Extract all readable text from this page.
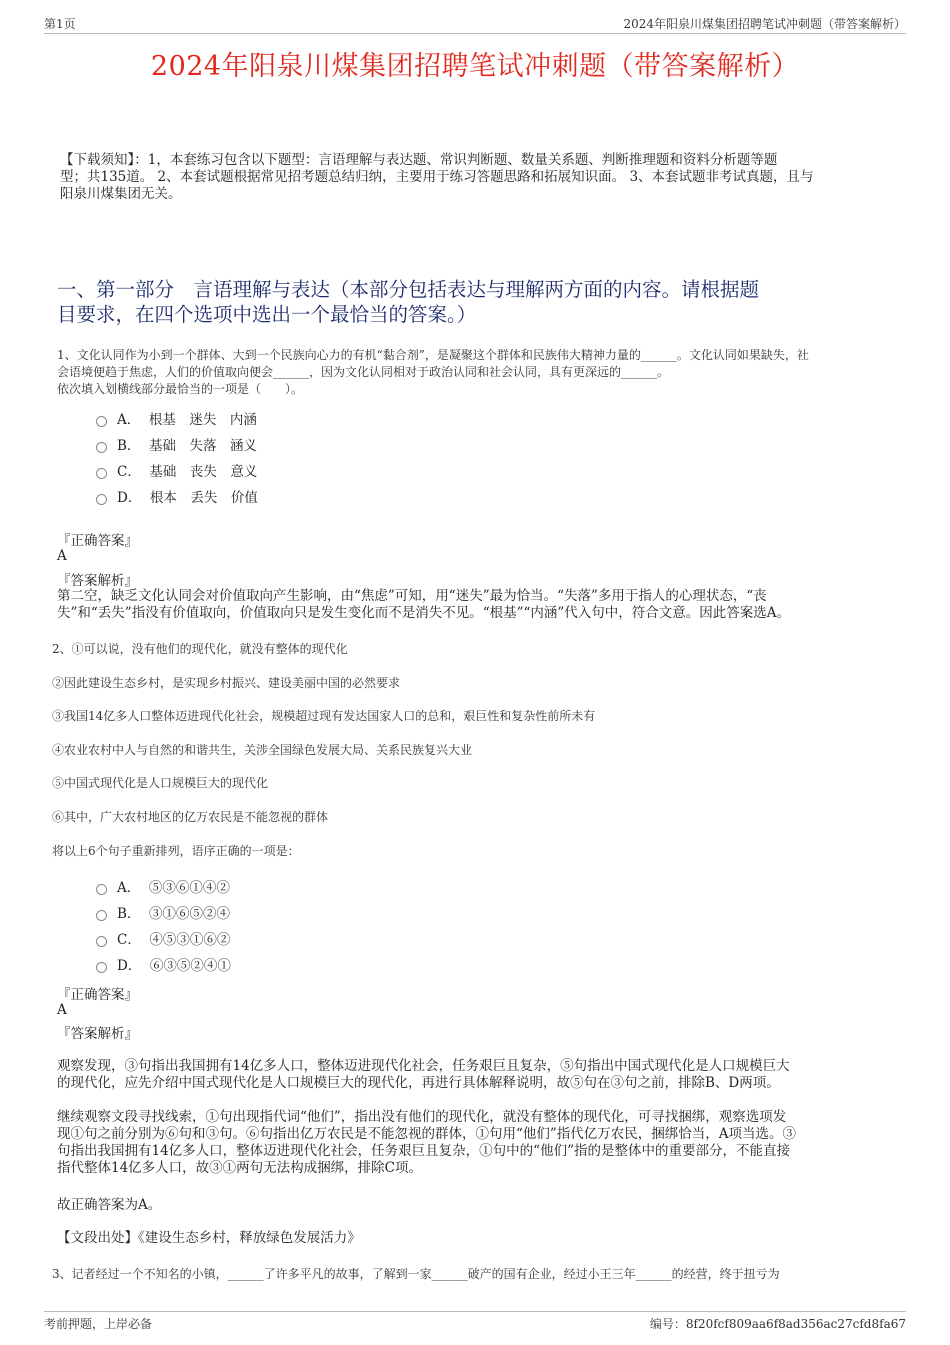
第1页	2024年阳泉川煤集团招聘笔试冲刺题（带答案解析）
2024年阳泉川煤集团招聘笔试冲刺题（带答案解析）
【下载须知】：1，本套练习包含以下题型：言语理解与表达题、常识判断题、数量关系题、判断推理题和资料分析题等题
型；共135道。 2、本套试题根据常见招考题总结归纳，主要用于练习答题思路和拓展知识面。 3、本套试题非考试真题，且与
阳泉川煤集团无关。
一、第一部分　言语理解与表达（本部分包括表达与理解两方面的内容。请根据题
目要求，在四个选项中选出一个最恰当的答案。）
1、文化认同作为小到一个群体、大到一个民族向心力的有机“黏合剂”，是凝聚这个群体和民族伟大精神力量的______。文化认同如果缺失，社
会语境便趋于焦虑，人们的价值取向便会______，因为文化认同相对于政治认同和社会认同，具有更深远的______。
依次填入划横线部分最恰当的一项是（　　）。
A．  根基　迷失　内涵
B．  基础　失落　涵义
C．  基础　丧失　意义
D．  根本　丢失　价值
『正确答案』
A
『答案解析』
第二空，缺乏文化认同会对价值取向产生影响，由“焦虑”可知，用“迷失”最为恰当。“失落”多用于指人的心理状态，“丧
失”和“丢失”指没有价值取向，价值取向只是发生变化而不是消失不见。“根基”“内涵”代入句中，符合文意。因此答案选A。
2、①可以说，没有他们的现代化，就没有整体的现代化
②因此建设生态乡村，是实现乡村振兴、建设美丽中国的必然要求
③我国14亿多人口整体迈进现代化社会，规模超过现有发达国家人口的总和，艰巨性和复杂性前所未有
④农业农村中人与自然的和谐共生，关涉全国绿色发展大局、关系民族复兴大业
⑤中国式现代化是人口规模巨大的现代化
⑥其中，广大农村地区的亿万农民是不能忽视的群体
将以上6个句子重新排列，语序正确的一项是：
A．  ⑤③⑥①④②
B．  ③①⑥⑤②④
C．  ④⑤③①⑥②
D．  ⑥③⑤②④①
『正确答案』
A
『答案解析』
观察发现，③句指出我国拥有14亿多人口，整体迈进现代化社会，任务艰巨且复杂，⑤句指出中国式现代化是人口规模巨大
的现代化，应先介绍中国式现代化是人口规模巨大的现代化，再进行具体解释说明，故⑤句在③句之前，排除B、D两项。
继续观察文段寻找线索，①句出现指代词“他们”，指出没有他们的现代化，就没有整体的现代化，可寻找捆绑，观察选项发
现①句之前分别为⑥句和③句。⑥句指出亿万农民是不能忽视的群体，①句用“他们”指代亿万农民，捆绑恰当，A项当选。③
句指出我国拥有14亿多人口，整体迈进现代化社会，任务艰巨且复杂，①句中的“他们”指的是整体中的重要部分，不能直接
指代整体14亿多人口，故③①两句无法构成捆绑，排除C项。
故正确答案为A。
【文段出处】《建设生态乡村，释放绿色发展活力》
3、记者经过一个不知名的小镇，______了许多平凡的故事，了解到一家______破产的国有企业，经过小王三年______的经营，终于扭亏为
考前押题，上岸必备	编号：8f20fcf809aa6f8ad356ac27cfd8fa67
